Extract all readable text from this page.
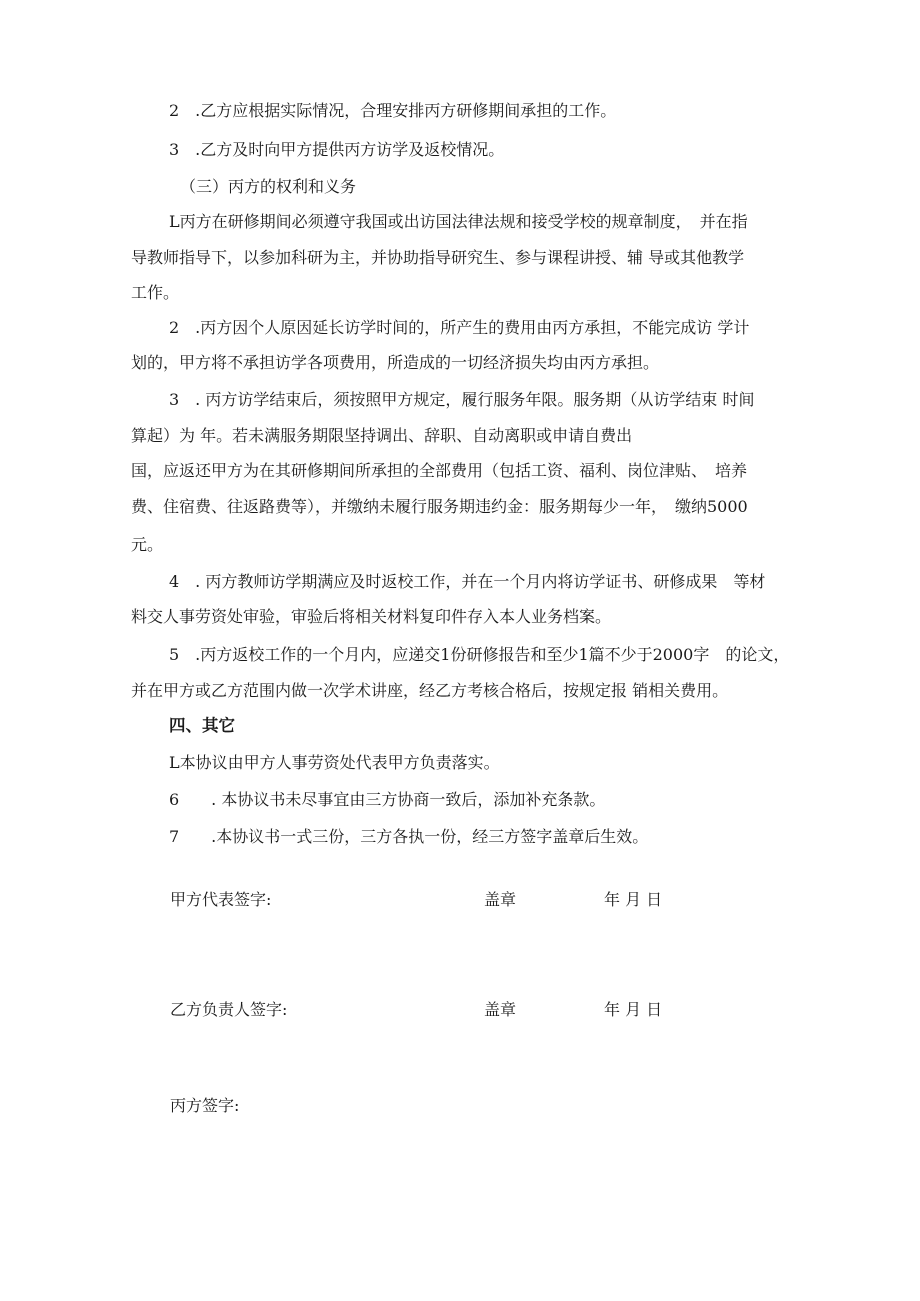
2　.乙方应根据实际情况，合理安排丙方研修期间承担的工作。
3　.乙方及时向甲方提供丙方访学及返校情况。
（三）丙方的权利和义务
L丙方在研修期间必须遵守我国或出访国法律法规和接受学校的规章制度，　并在指
导教师指导下，以参加科研为主，并协助指导研究生、参与课程讲授、辅 导或其他教学
工作。
2　.丙方因个人原因延长访学时间的，所产生的费用由丙方承担，不能完成访 学计
划的，甲方将不承担访学各项费用，所造成的一切经济损失均由丙方承担。
3　. 丙方访学结束后，须按照甲方规定，履行服务年限。服务期（从访学结束 时间
算起）为 年。若未满服务期限坚持调出、辞职、自动离职或申请自费出
国，应返还甲方为在其研修期间所承担的全部费用（包括工资、福利、岗位津贴、　培养
费、住宿费、往返路费等），并缴纳未履行服务期违约金：服务期每少一年，　缴纳5000
元。
4　. 丙方教师访学期满应及时返校工作，并在一个月内将访学证书、研修成果　等材
料交人事劳资处审验，审验后将相关材料复印件存入本人业务档案。
5　.丙方返校工作的一个月内，应递交1份研修报告和至少1篇不少于2000字　的论文，
并在甲方或乙方范围内做一次学术讲座，经乙方考核合格后，按规定报 销相关费用。
四、其它
L本协议由甲方人事劳资处代表甲方负责落实。
6　　. 本协议书未尽事宜由三方协商一致后，添加补充条款。
7　　.本协议书一式三份，三方各执一份，经三方签字盖章后生效。
甲方代表签字:	盖章	年 月 日
乙方负责人签字:	盖章	年 月 日
丙方签字:
